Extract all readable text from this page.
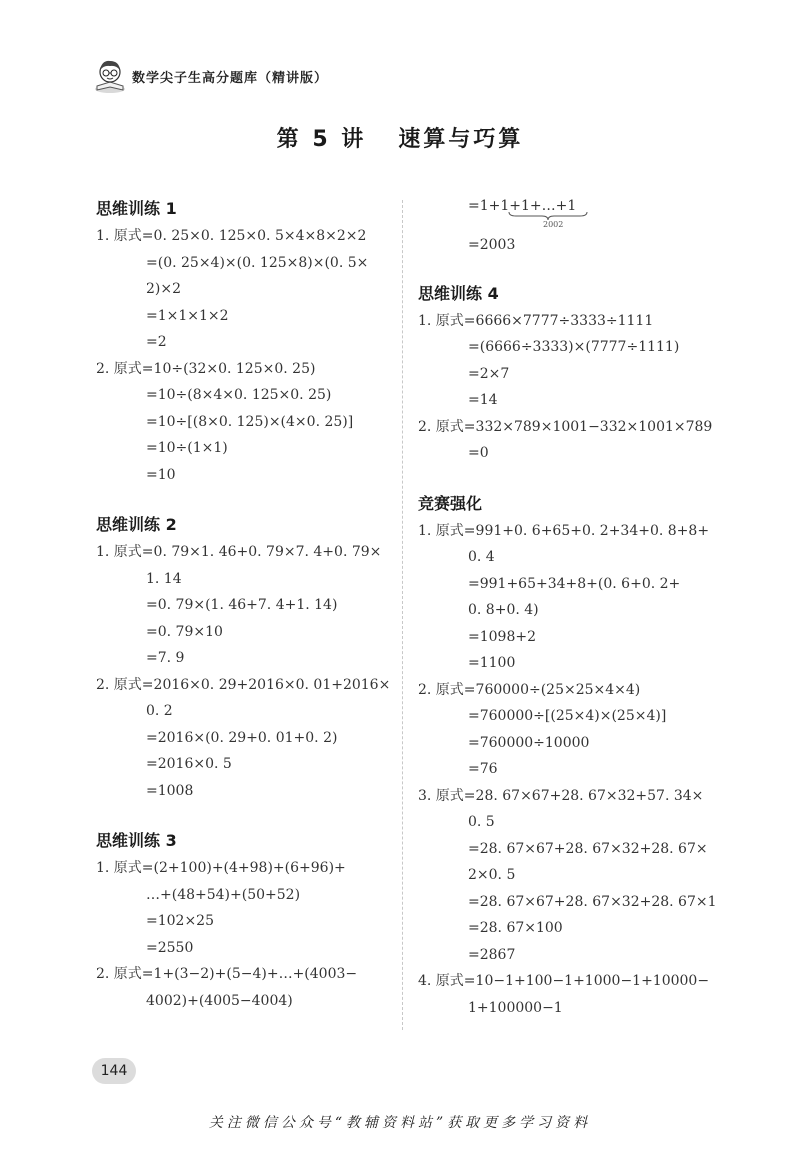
数学尖子生高分题库（精讲版）
第 5 讲 速算与巧算
思维训练 1
1. 原式=0. 25×0. 125×0. 5×4×8×2×2
=(0. 25×4)×(0. 125×8)×(0. 5×
2)×2
=1×1×1×2
=2
2. 原式=10÷(32×0. 125×0. 25)
=10÷(8×4×0. 125×0. 25)
=10÷[(8×0. 125)×(4×0. 25)]
=10÷(1×1)
=10
思维训练 2
1. 原式=0. 79×1. 46+0. 79×7. 4+0. 79×
1. 14
=0. 79×(1. 46+7. 4+1. 14)
=0. 79×10
=7. 9
2. 原式=2016×0. 29+2016×0. 01+2016×
0. 2
=2016×(0. 29+0. 01+0. 2)
=2016×0. 5
=1008
思维训练 3
1. 原式=(2+100)+(4+98)+(6+96)+
…+(48+54)+(50+52)
=102×25
=2550
2. 原式=1+(3−2)+(5−4)+…+(4003−
4002)+(4005−4004)
=1+1+1+…+1
2002
=2003
思维训练 4
1. 原式=6666×7777÷3333÷1111
=(6666÷3333)×(7777÷1111)
=2×7
=14
2. 原式=332×789×1001−332×1001×789
=0
竞赛强化
1. 原式=991+0. 6+65+0. 2+34+0. 8+8+
0. 4
=991+65+34+8+(0. 6+0. 2+
0. 8+0. 4)
=1098+2
=1100
2. 原式=760000÷(25×25×4×4)
=760000÷[(25×4)×(25×4)]
=760000÷10000
=76
3. 原式=28. 67×67+28. 67×32+57. 34×
0. 5
=28. 67×67+28. 67×32+28. 67×
2×0. 5
=28. 67×67+28. 67×32+28. 67×1
=28. 67×100
=2867
4. 原式=10−1+100−1+1000−1+10000−
1+100000−1
144
关注微信公众号“教辅资料站”获取更多学习资料
